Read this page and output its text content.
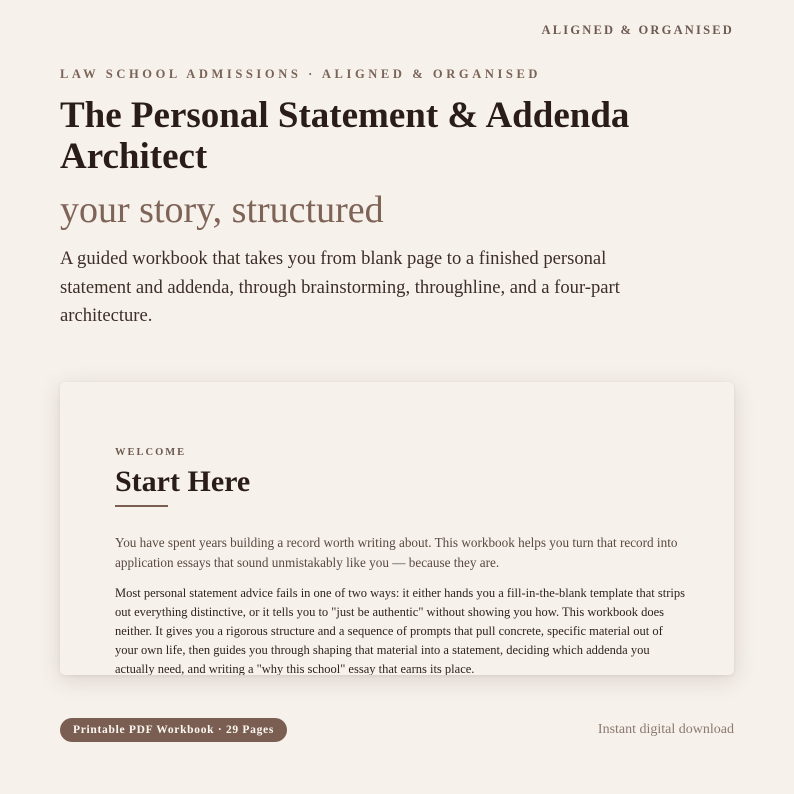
ALIGNED & ORGANISED
LAW SCHOOL ADMISSIONS · ALIGNED & ORGANISED
The Personal Statement & Addenda Architect
your story, structured

A guided workbook that takes you from blank page to a finished personal statement and addenda, through brainstorming, throughline, and a four-part architecture.

WELCOME
Start Here

You have spent years building a record worth writing about. This workbook helps you turn that record into application essays that sound unmistakably like you — because they are.

Most personal statement advice fails in one of two ways: it either hands you a fill-in-the-blank template that strips out everything distinctive, or it tells you to "just be authentic" without showing you how. This workbook does neither. It gives you a rigorous structure and a sequence of prompts that pull concrete, specific material out of your own life, then guides you through shaping that material into a statement, deciding which addenda you actually need, and writing a "why this school" essay that earns its place.

Printable PDF Workbook · 29 Pages	Instant digital download
